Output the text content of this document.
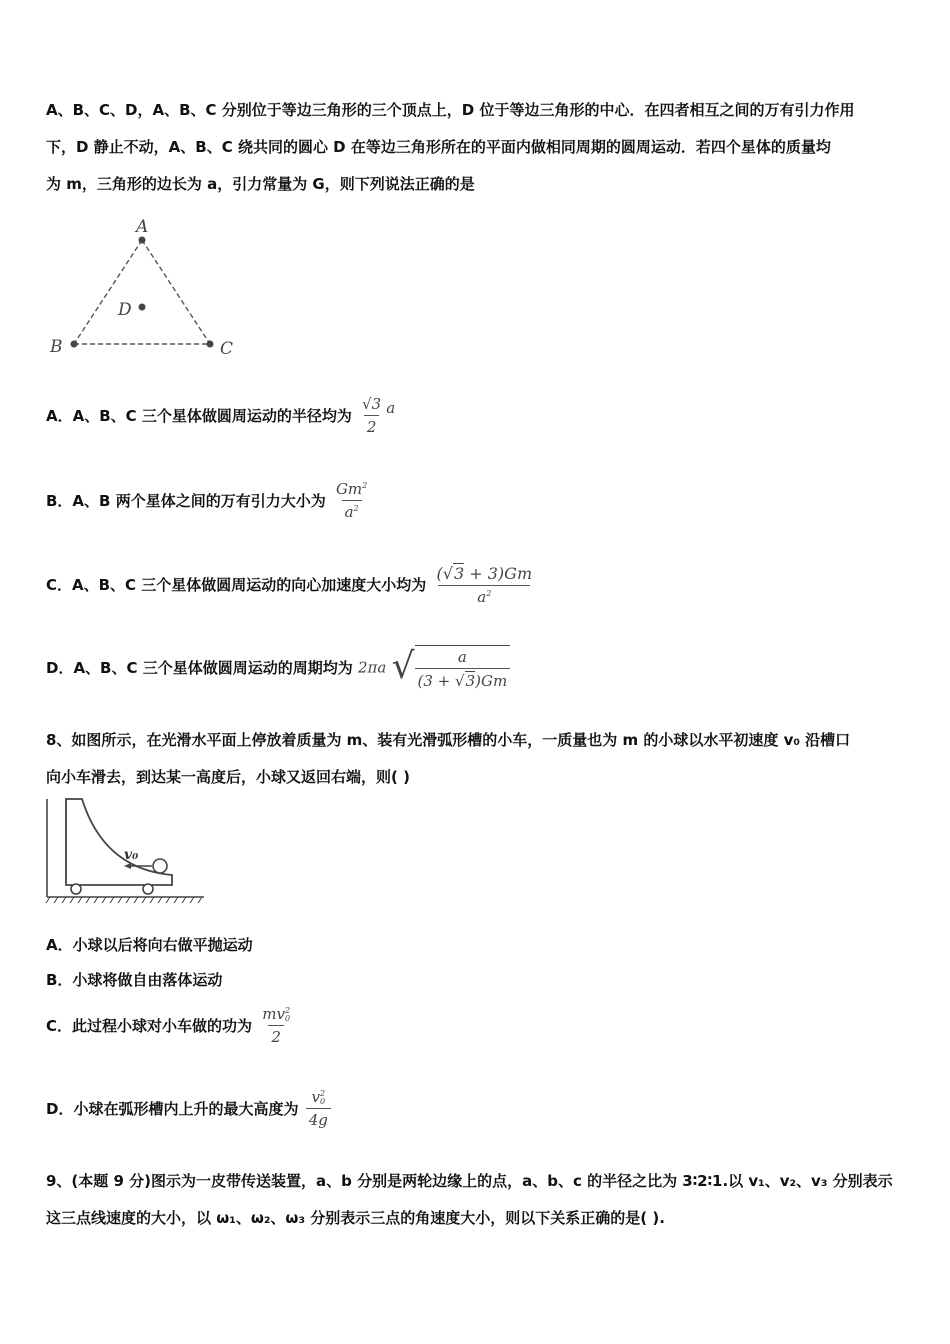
A、B、C、D，A、B、C 分别位于等边三角形的三个顶点上，D 位于等边三角形的中心．在四者相互之间的万有引力作用
下，D 静止不动，A、B、C 绕共同的圆心 D 在等边三角形所在的平面内做相同周期的圆周运动．若四个星体的质量均
为 m，三角形的边长为 a，引力常量为 G，则下列说法正确的是
A
B	C
D
A．A、B、C 三个星体做圆周运动的半径均为 $\frac{√3}{2}$ a
B．A、B 两个星体之间的万有引力大小为 $\frac{Gm^2}{a^2}$
C．A、B、C 三个星体做圆周运动的向心加速度大小均为 $\frac{(√3 + 3)Gm}{a^2}$
D．A、B、C 三个星体做圆周运动的周期均为 2πa √ $\frac{a}{(3 + √3)Gm}$
8、如图所示，在光滑水平面上停放着质量为 m、装有光滑弧形槽的小车，一质量也为 m 的小球以水平初速度 v₀ 沿槽口
向小车滑去，到达某一高度后，小球又返回右端，则( )
v₀
A．小球以后将向右做平抛运动
B．小球将做自由落体运动
C．此过程小球对小车做的功为 mv 2
0
2
D．小球在弧形槽内上升的最大高度为 v 2
0
4g
9、(本题 9 分)图示为一皮带传送装置，a、b 分别是两轮边缘上的点，a、b、c 的半径之比为 3∶2∶1.以 v₁、v₂、v₃ 分别表示
这三点线速度的大小，以 ω₁、ω₂、ω₃ 分别表示三点的角速度大小，则以下关系正确的是( ).
